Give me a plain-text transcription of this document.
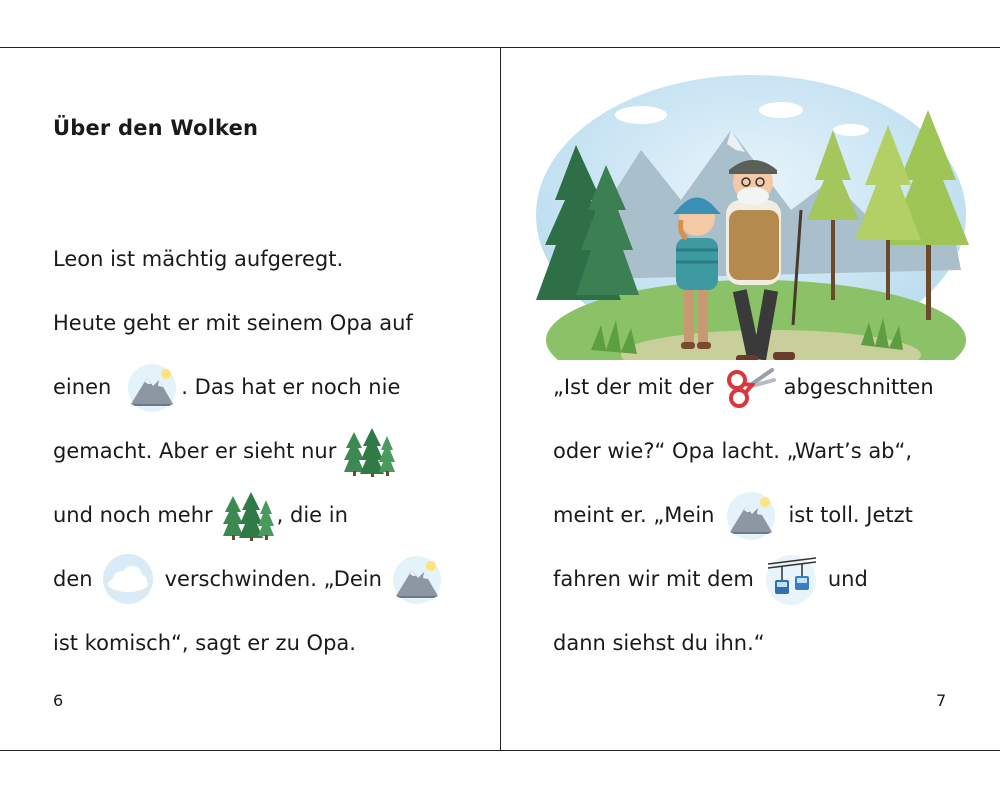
Über den Wolken
Leon ist mächtig aufgeregt.
Heute geht er mit seinem Opa auf
einen	. Das hat er noch nie
gemacht. Aber er sieht nur
und noch mehr	, die in
den	verschwinden. „Dein
ist komisch“, sagt er zu Opa.
6
„Ist der mit der	abgeschnitten
oder wie?“ Opa lacht. „Wart’s ab“,
meint er. „Mein	ist toll. Jetzt
fahren wir mit dem	und
dann siehst du ihn.“
7
